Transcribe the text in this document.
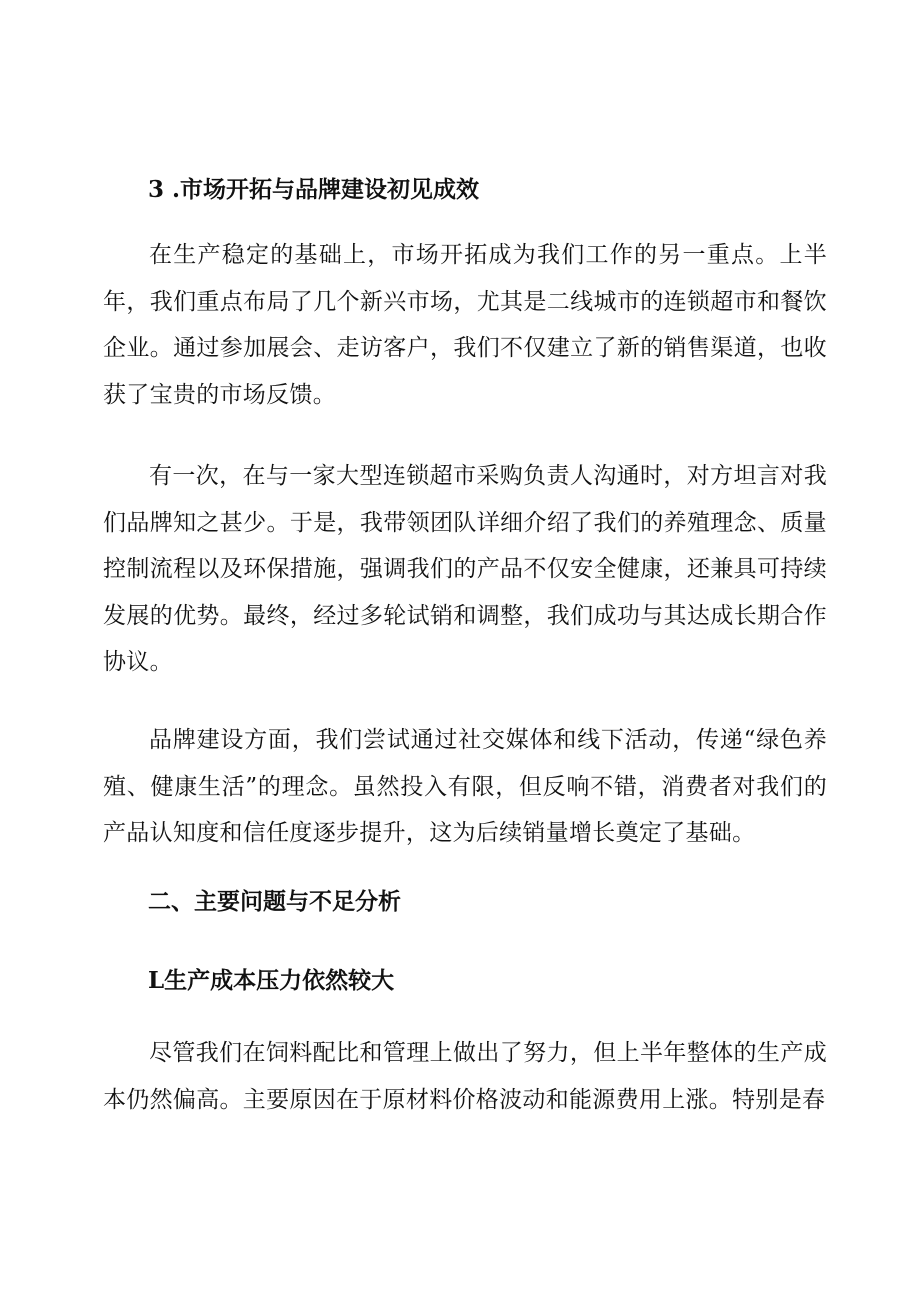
3 .市场开拓与品牌建设初见成效

在生产稳定的基础上，市场开拓成为我们工作的另一重点。上半年，我们重点布局了几个新兴市场，尤其是二线城市的连锁超市和餐饮企业。通过参加展会、走访客户，我们不仅建立了新的销售渠道，也收获了宝贵的市场反馈。

有一次，在与一家大型连锁超市采购负责人沟通时，对方坦言对我们品牌知之甚少。于是，我带领团队详细介绍了我们的养殖理念、质量控制流程以及环保措施，强调我们的产品不仅安全健康，还兼具可持续发展的优势。最终，经过多轮试销和调整，我们成功与其达成长期合作协议。

品牌建设方面，我们尝试通过社交媒体和线下活动，传递“绿色养殖、健康生活”的理念。虽然投入有限，但反响不错，消费者对我们的产品认知度和信任度逐步提升，这为后续销量增长奠定了基础。

二、主要问题与不足分析
L生产成本压力依然较大

尽管我们在饲料配比和管理上做出了努力，但上半年整体的生产成本仍然偏高。主要原因在于原材料价格波动和能源费用上涨。特别是春
